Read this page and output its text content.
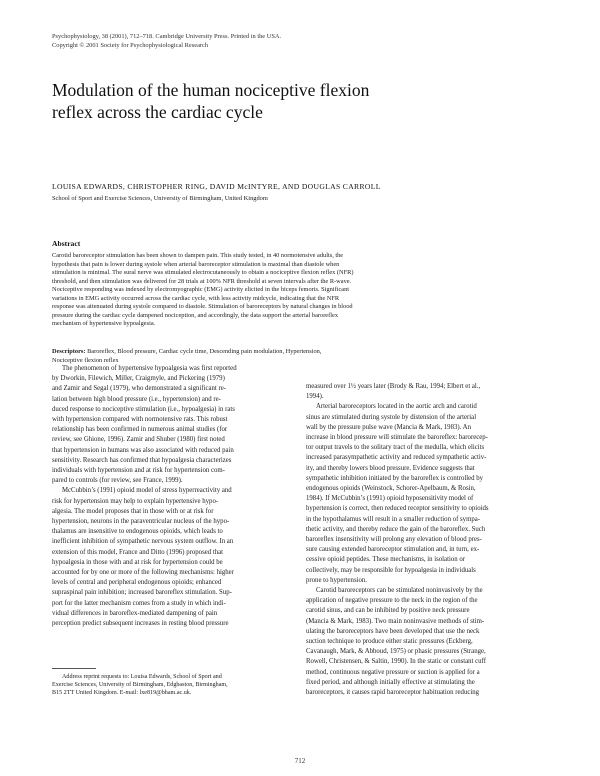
Psychophysiology, 38 (2001), 712–718. Cambridge University Press. Printed in the USA.

Copyright © 2001 Society for Psychophysiological Research

Modulation of the human nociceptive flexion
reflex across the cardiac cycle
LOUISA EDWARDS, CHRISTOPHER RING, DAVID McINTYRE, AND DOUGLAS CARROLL
School of Sport and Exercise Sciences, University of Birmingham, United Kingdom
Abstract
Carotid baroreceptor stimulation has been shown to dampen pain. This study tested, in 40 normotensive adults, the
hypothesis that pain is lower during systole when arterial baroreceptor stimulation is maximal than diastole when
stimulation is minimal. The sural nerve was stimulated electrocutaneously to obtain a nociceptive flexion reflex (NFR)
threshold, and then stimulation was delivered for 28 trials at 100% NFR threshold at seven intervals after the R-wave.
Nociceptive responding was indexed by electromyographic (EMG) activity elicited in the biceps femoris. Significant
variations in EMG activity occurred across the cardiac cycle, with less activity midcycle, indicating that the NFR
response was attenuated during systole compared to diastole. Stimulation of baroreceptors by natural changes in blood
pressure during the cardiac cycle dampened nociception, and accordingly, the data support the arterial baroreflex
mechanism of hypertensive hypoalgesia.
Descriptors: Baroreflex, Blood pressure, Cardiac cycle time, Descending pain modulation, Hypertension,
Nociceptive flexion reflex
The phenomenon of hypertensive hypoalgesia was first reported
by Dworkin, Filewich, Miller, Craigmyle, and Pickering (1979)
and Zamir and Segal (1979), who demonstrated a significant re-
lation between high blood pressure (i.e., hypertension) and re-
duced response to nociceptive stimulation (i.e., hypoalgesia) in rats
with hypertension compared with normotensive rats. This robust
relationship has been confirmed in numerous animal studies (for
review, see Ghione, 1996). Zamir and Shuber (1980) first noted
that hypertension in humans was also associated with reduced pain
sensitivity. Research has confirmed that hypoalgesia characterizes
individuals with hypertension and at risk for hypertension com-
pared to controls (for review, see France, 1999).
McCubbin’s (1991) opioid model of stress hyperreactivity and
risk for hypertension may help to explain hypertensive hypo-
algesia. The model proposes that in those with or at risk for
hypertension, neurons in the paraventricular nucleus of the hypo-
thalamus are insensitive to endogenous opioids, which leads to
inefficient inhibition of sympathetic nervous system outflow. In an
extension of this model, France and Ditto (1996) proposed that
hypoalgesia in those with and at risk for hypertension could be
accounted for by one or more of the following mechanisms: higher
levels of central and peripheral endogenous opioids; enhanced
supraspinal pain inhibition; increased baroreflex stimulation. Sup-
port for the latter mechanism comes from a study in which indi-
vidual differences in baroreflex-mediated dampening of pain
perception predict subsequent increases in resting blood pressure
measured over 1½ years later (Brody & Rau, 1994; Elbert et al.,
1994).
Arterial baroreceptors located in the aortic arch and carotid
sinus are stimulated during systole by distension of the arterial
wall by the pressure pulse wave (Mancia & Mark, 1983). An
increase in blood pressure will stimulate the baroreflex: barorecep-
tor output travels to the solitary tract of the medulla, which elicits
increased parasympathetic activity and reduced sympathetic activ-
ity, and thereby lowers blood pressure. Evidence suggests that
sympathetic inhibition initiated by the baroreflex is controlled by
endogenous opioids (Weinstock, Schorer-Apelbaum, & Rosin,
1984). If McCubbin’s (1991) opioid hyposensitivity model of
hypertension is correct, then reduced receptor sensitivity to opioids
in the hypothalamus will result in a smaller reduction of sympa-
thetic activity, and thereby reduce the gain of the baroreflex. Such
baroreflex insensitivity will prolong any elevation of blood pres-
sure causing extended baroreceptor stimulation and, in turn, ex-
cessive opioid peptides. These mechanisms, in isolation or
collectively, may be responsible for hypoalgesia in individuals
prone to hypertension.
Carotid baroreceptors can be stimulated noninvasively by the
application of negative pressure to the neck in the region of the
carotid sinus, and can be inhibited by positive neck pressure
(Mancia & Mark, 1983). Two main noninvasive methods of stim-
ulating the baroreceptors have been developed that use the neck
suction technique to produce either static pressures (Eckberg,
Cavanaugh, Mark, & Abboud, 1975) or phasic pressures (Strange,
Rowell, Christensen, & Saltin, 1990). In the static or constant cuff
method, continuous negative pressure or suction is applied for a
fixed period, and although initially effective at stimulating the
baroreceptors, it causes rapid baroreceptor habituation reducing
Address reprint requests to: Louisa Edwards, School of Sport and
Exercise Sciences, University of Birmingham, Edgbaston, Birmingham,
B15 2TT United Kingdom. E-mail: lxe819@bham.ac.uk.
712
